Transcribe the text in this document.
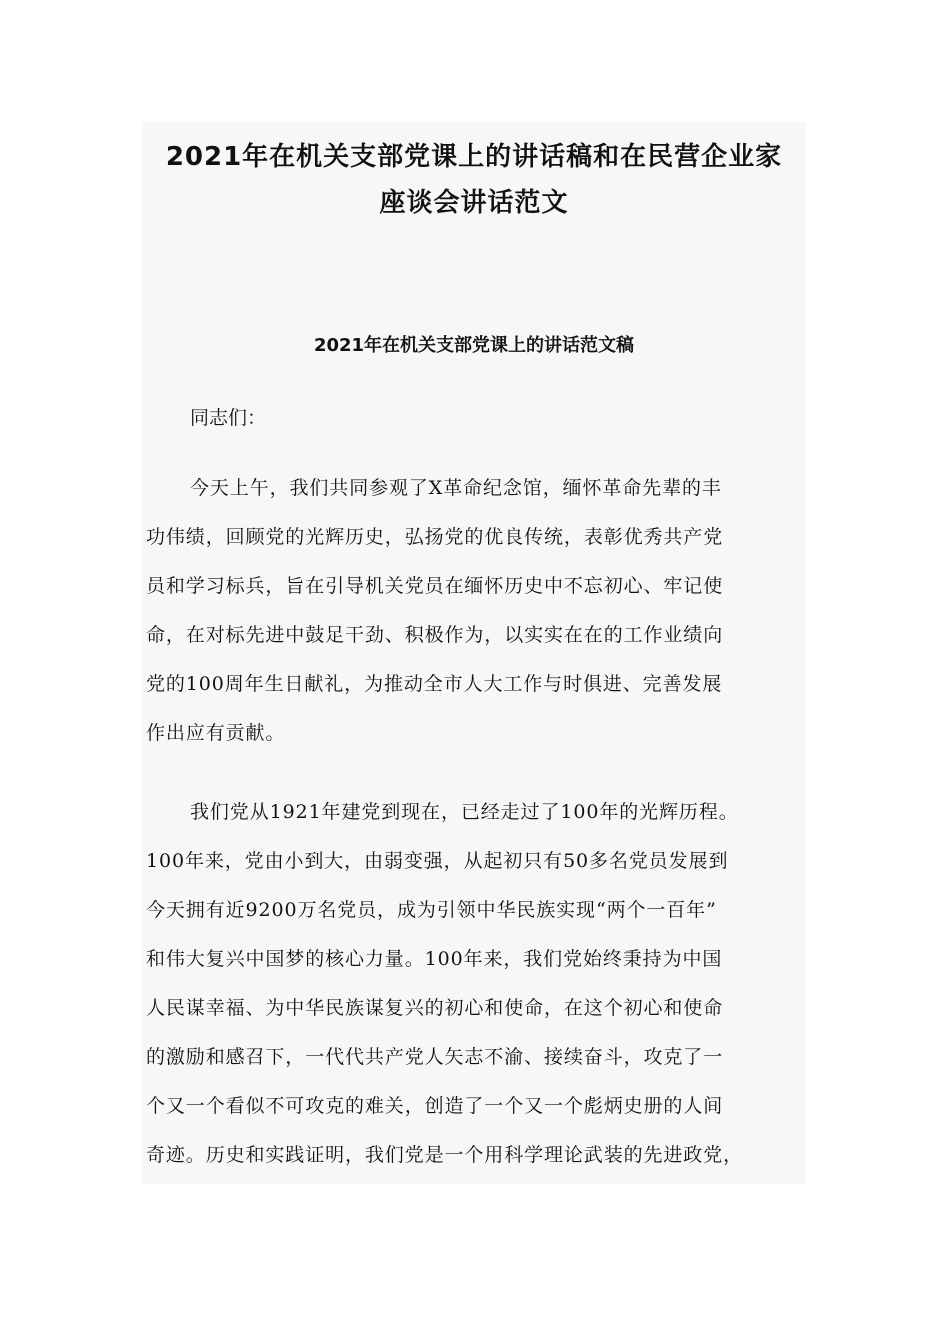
2021年在机关支部党课上的讲话稿和在民营企业家
座谈会讲话范文
2021年在机关支部党课上的讲话范文稿

同志们：

今天上午，我们共同参观了X革命纪念馆，缅怀革命先辈的丰
功伟绩，回顾党的光辉历史，弘扬党的优良传统，表彰优秀共产党
员和学习标兵，旨在引导机关党员在缅怀历史中不忘初心、牢记使
命，在对标先进中鼓足干劲、积极作为，以实实在在的工作业绩向
党的100周年生日献礼，为推动全市人大工作与时俱进、完善发展
作出应有贡献。
我们党从1921年建党到现在，已经走过了100年的光辉历程。
100年来，党由小到大，由弱变强，从起初只有50多名党员发展到
今天拥有近9200万名党员，成为引领中华民族实现“两个一百年”
和伟大复兴中国梦的核心力量。100年来，我们党始终秉持为中国
人民谋幸福、为中华民族谋复兴的初心和使命，在这个初心和使命
的激励和感召下，一代代共产党人矢志不渝、接续奋斗，攻克了一
个又一个看似不可攻克的难关，创造了一个又一个彪炳史册的人间
奇迹。历史和实践证明，我们党是一个用科学理论武装的先进政党，
